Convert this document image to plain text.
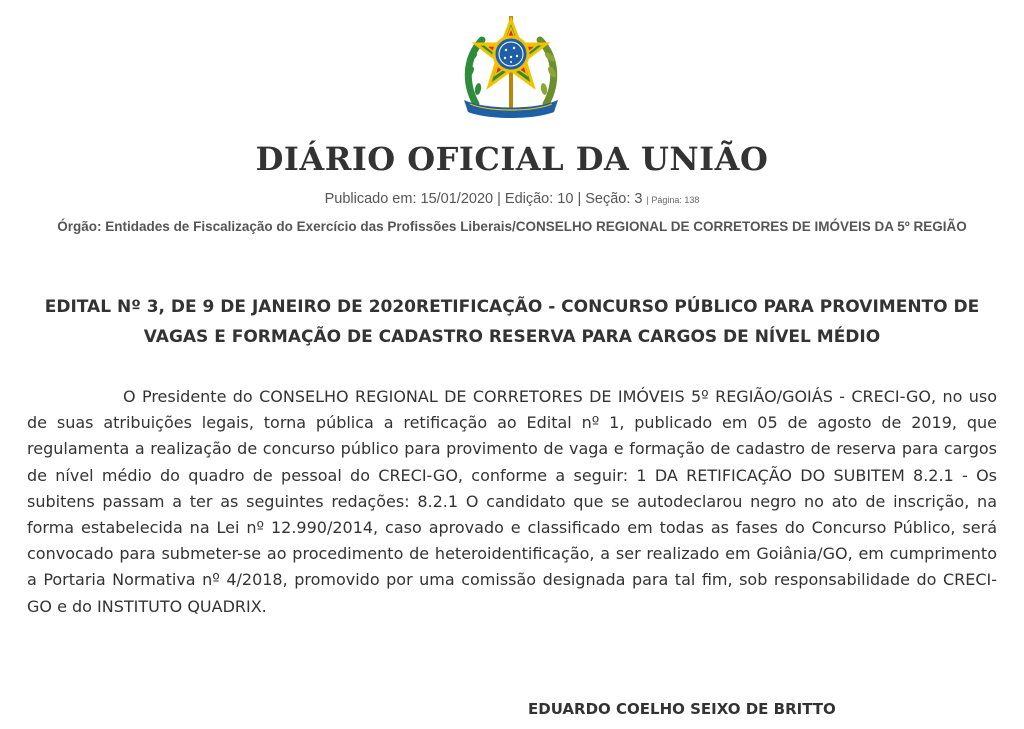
DIÁRIO OFICIAL DA UNIÃO
Publicado em: 15/01/2020 | Edição: 10 | Seção: 3 | Página: 138
Órgão: Entidades de Fiscalização do Exercício das Profissões Liberais/CONSELHO REGIONAL DE CORRETORES DE IMÓVEIS DA 5º REGIÃO
EDITAL Nº 3, DE 9 DE JANEIRO DE 2020RETIFICAÇÃO - CONCURSO PÚBLICO PARA PROVIMENTO DE VAGAS E FORMAÇÃO DE CADASTRO RESERVA PARA CARGOS DE NÍVEL MÉDIO

O Presidente do CONSELHO REGIONAL DE CORRETORES DE IMÓVEIS 5º REGIÃO/GOIÁS - CRECI-GO, no uso de suas atribuições legais, torna pública a retificação ao Edital nº 1, publicado em 05 de agosto de 2019, que regulamenta a realização de concurso público para provimento de vaga e formação de cadastro de reserva para cargos de nível médio do quadro de pessoal do CRECI-GO, conforme a seguir: 1 DA RETIFICAÇÃO DO SUBITEM 8.2.1 - Os subitens passam a ter as seguintes redações: 8.2.1 O candidato que se autodeclarou negro no ato de inscrição, na forma estabelecida na Lei nº 12.990/2014, caso aprovado e classificado em todas as fases do Concurso Público, será convocado para submeter-se ao procedimento de heteroidentificação, a ser realizado em Goiânia/GO, em cumprimento a Portaria Normativa nº 4/2018, promovido por uma comissão designada para tal fim, sob responsabilidade do CRECI-GO e do INSTITUTO QUADRIX.

EDUARDO COELHO SEIXO DE BRITTO
